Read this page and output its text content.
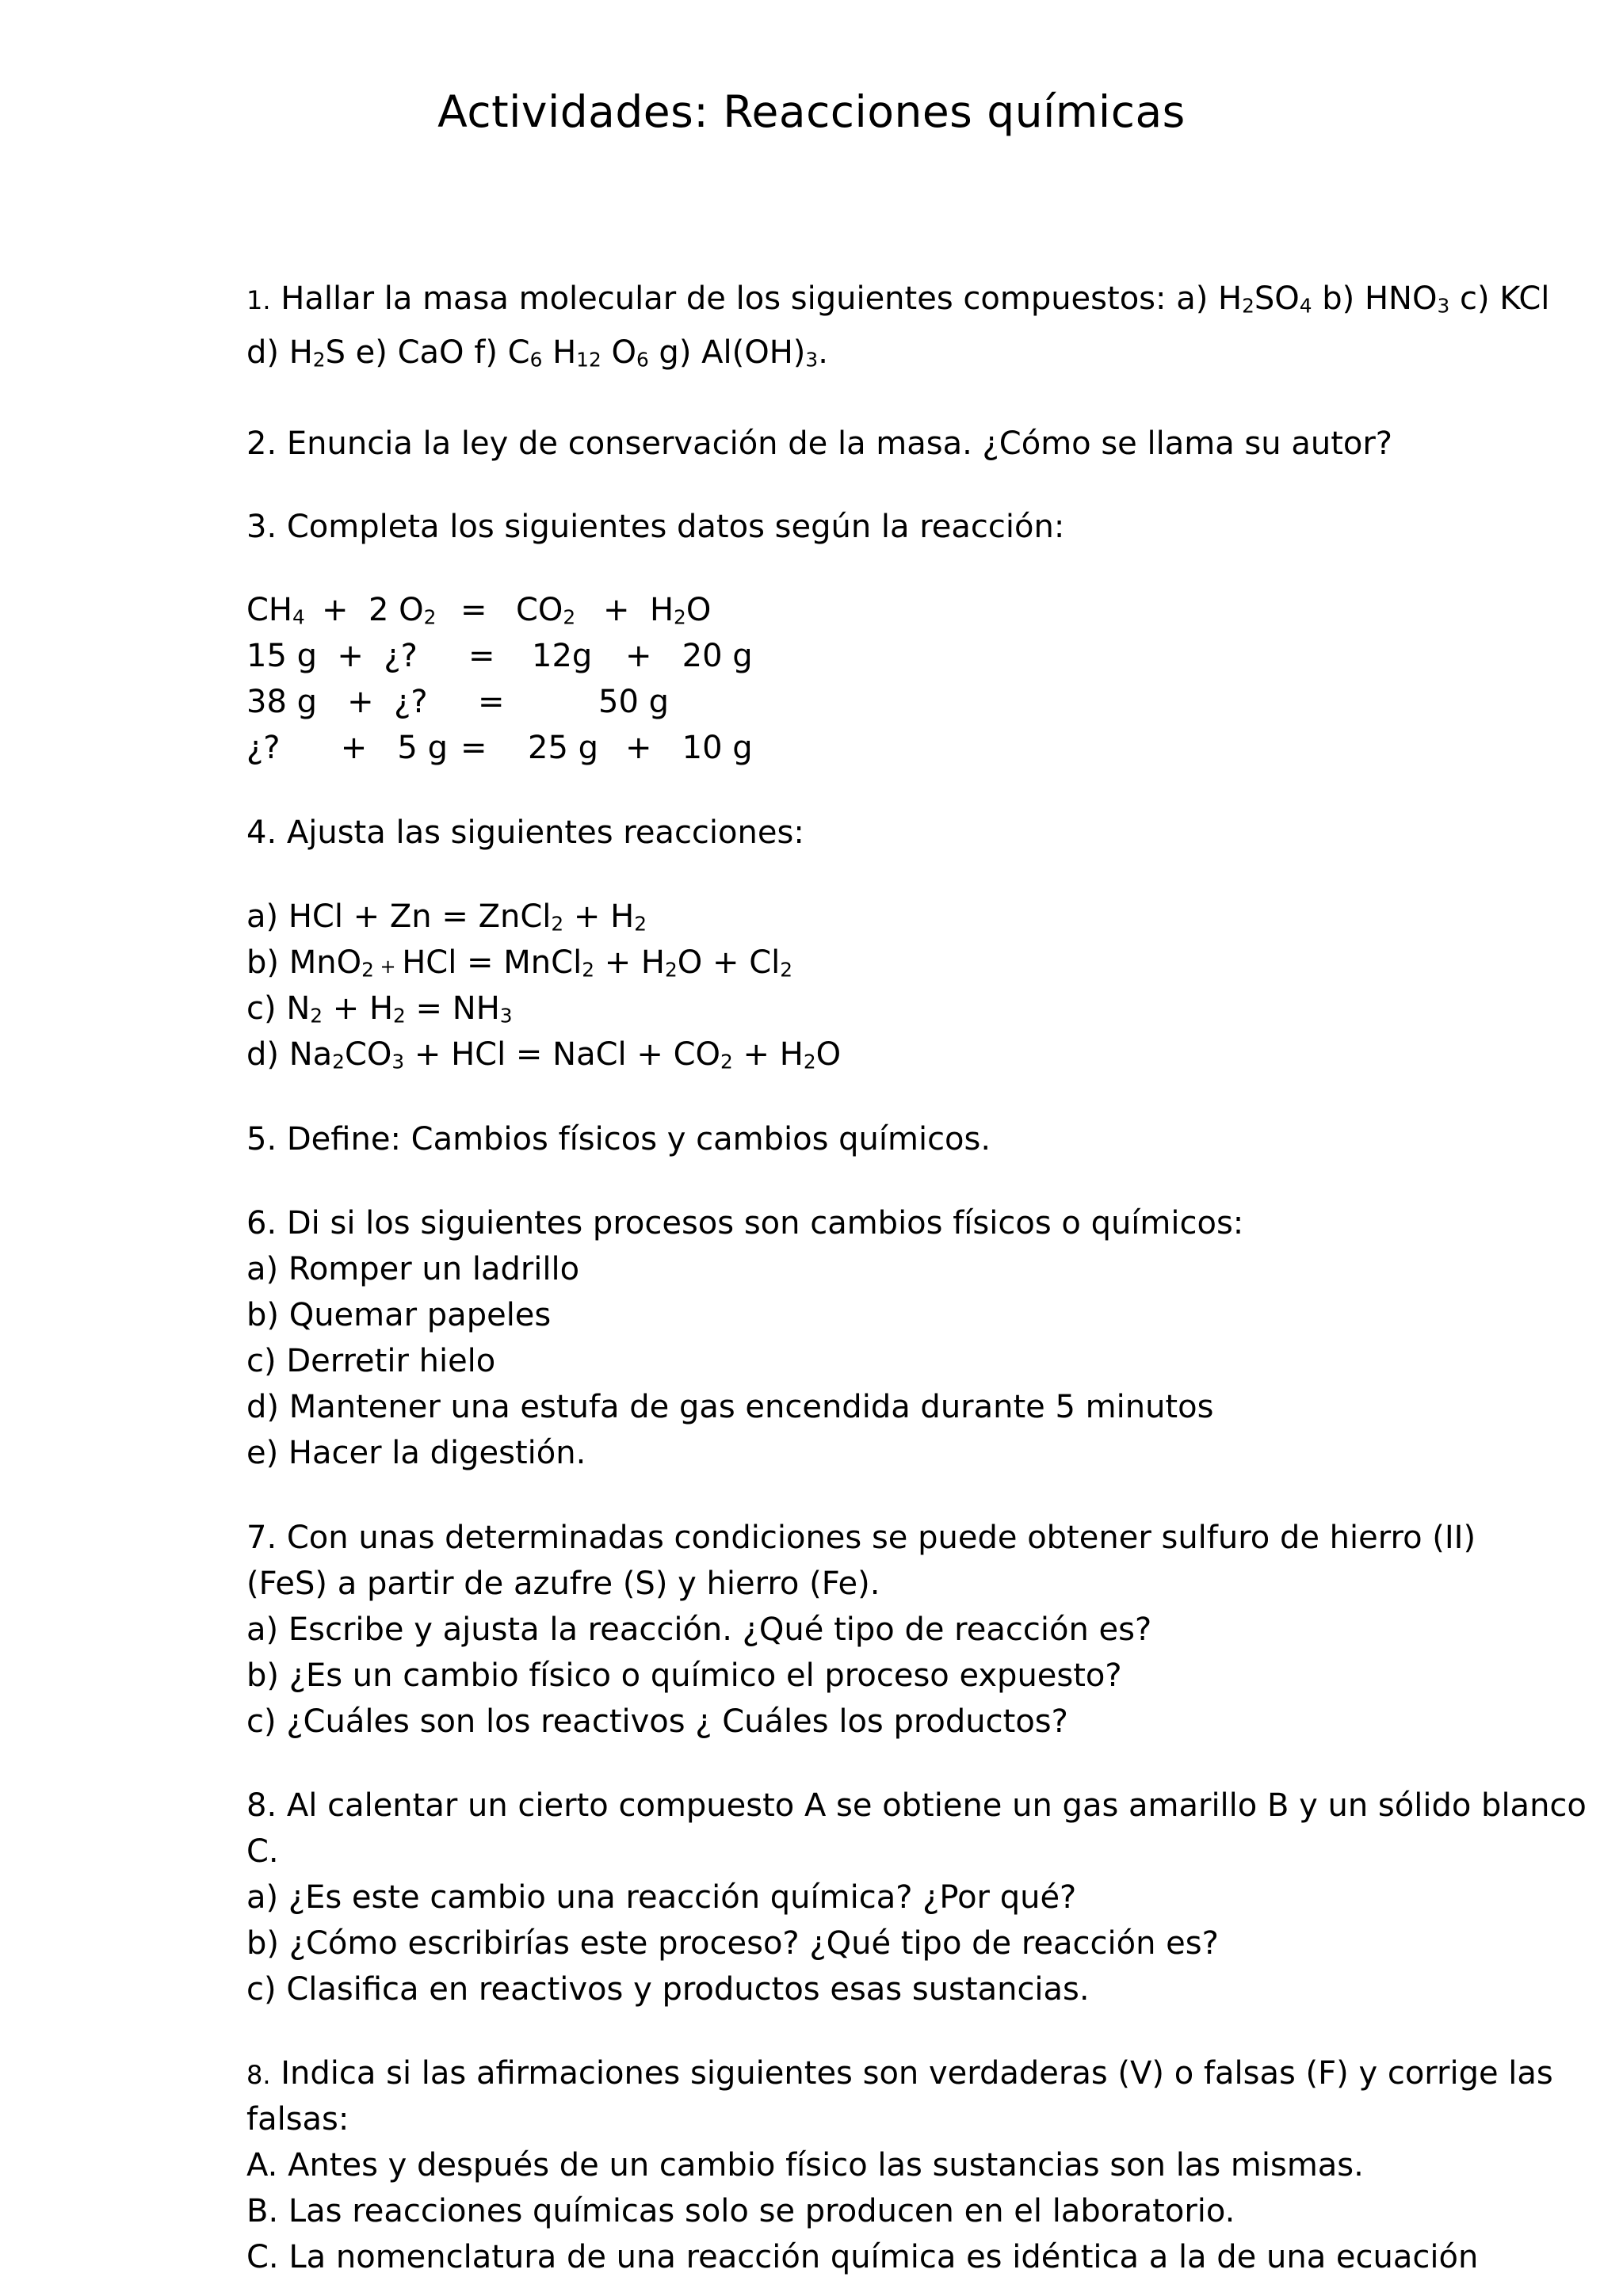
Actividades: Reacciones químicas
1. Hallar la masa molecular de los siguientes compuestos: a) $H_2SO_4$ b) $HNO_3$ c) KCl
d) $H_2S$ e) CaO f) $C_6$ $H_{12}$ $O_6$ g) $Al(OH)_3$.
2. Enuncia la ley de conservación de la masa. ¿Cómo se llama su autor?
3. Completa los siguientes datos según la reacción:

$CH_4$

+  2 $O_2$

=

$CO_2$

+  $H_2O$

15 g  +  ¿?

=

12g

+   20 g

38 g   +  ¿?

=

	50 g

¿?      +   5 g

=

25 g

+   10 g

4. Ajusta las siguientes reacciones:
a) HCl + Zn = ZnCl$_2$ + $H_2$
b) MnO$_2$ + HCl = MnCl$_2$ + $H_2O + Cl_2$
c) $N_2 + H_2 = NH_3$
d) $Na_2CO_3$ + HCl = NaCl + $CO_2 + H_2O$
5. Define: Cambios físicos y cambios químicos.
6. Di si los siguientes procesos son cambios físicos o químicos:
a) Romper un ladrillo
b) Quemar papeles
c) Derretir hielo
d) Mantener una estufa de gas encendida durante 5 minutos
e) Hacer la digestión.
7. Con unas determinadas condiciones se puede obtener sulfuro de hierro (II)
(FeS) a partir de azufre (S) y hierro (Fe).
a) Escribe y ajusta la reacción. ¿Qué tipo de reacción es?
b) ¿Es un cambio físico o químico el proceso expuesto?
c) ¿Cuáles son los reactivos ¿ Cuáles los productos?
8. Al calentar un cierto compuesto A se obtiene un gas amarillo B y un sólido blanco
C.
a) ¿Es este cambio una reacción química? ¿Por qué?
b) ¿Cómo escribirías este proceso? ¿Qué tipo de reacción es?
c) Clasifica en reactivos y productos esas sustancias.
8. Indica si las afirmaciones siguientes son verdaderas (V) o falsas (F) y corrige las
falsas:
A. Antes y después de un cambio físico las sustancias son las mismas.
B. Las reacciones químicas solo se producen en el laboratorio.
C. La nomenclatura de una reacción química es idéntica a la de una ecuación
